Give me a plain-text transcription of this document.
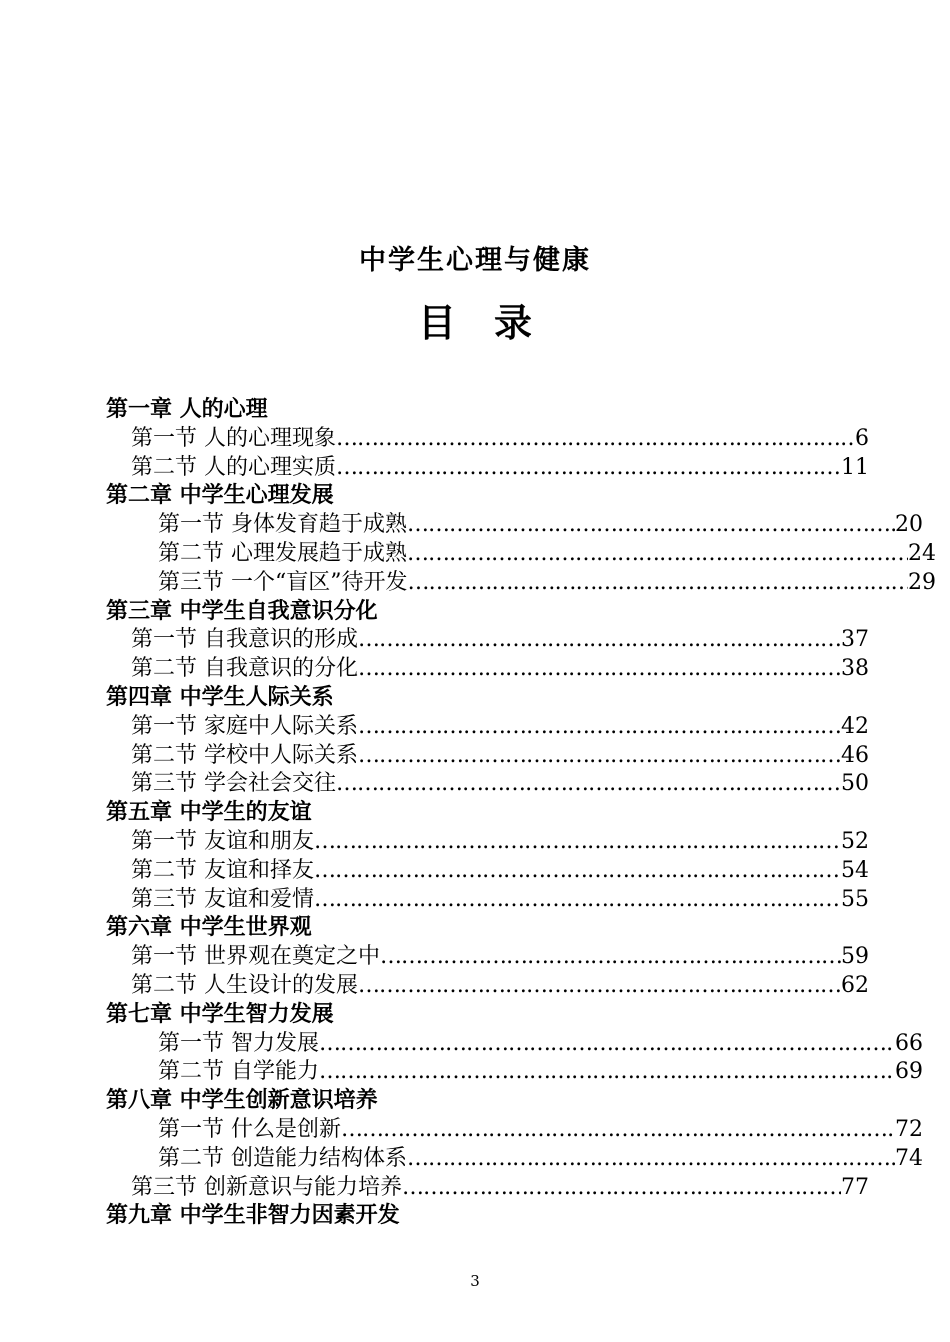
中学生心理与健康
目　录
第一章 人的心理
第一节 人的心理现象 …………………………………………………………………………………………………………	6
第二节 人的心理实质 …………………………………………………………………………………………………………	11
第二章 中学生心理发展
第一节 身体发育趋于成熟 …………………………………………………………………………………………………………	20
第二节 心理发展趋于成熟 …………………………………………………………………………………………………………	24
第三节 一个“盲区”待开发 …………………………………………………………………………………………………………	29
第三章 中学生自我意识分化
第一节 自我意识的形成 …………………………………………………………………………………………………………	37
第二节 自我意识的分化 …………………………………………………………………………………………………………	38
第四章 中学生人际关系
第一节 家庭中人际关系 …………………………………………………………………………………………………………	42
第二节 学校中人际关系 …………………………………………………………………………………………………………	46
第三节 学会社会交往 …………………………………………………………………………………………………………	50
第五章 中学生的友谊
第一节 友谊和朋友 …………………………………………………………………………………………………………	52
第二节 友谊和择友 …………………………………………………………………………………………………………	54
第三节 友谊和爱情 …………………………………………………………………………………………………………	55
第六章 中学生世界观
第一节 世界观在奠定之中 …………………………………………………………………………………………………………	59
第二节 人生设计的发展 …………………………………………………………………………………………………………	62
第七章 中学生智力发展
第一节 智力发展 …………………………………………………………………………………………………………	66
第二节 自学能力 …………………………………………………………………………………………………………	69
第八章 中学生创新意识培养
第一节 什么是创新 …………………………………………………………………………………………………………	72
第二节 创造能力结构体系 …………………………………………………………………………………………………………	74
第三节 创新意识与能力培养 …………………………………………………………………………………………………………	77
第九章 中学生非智力因素开发
3
